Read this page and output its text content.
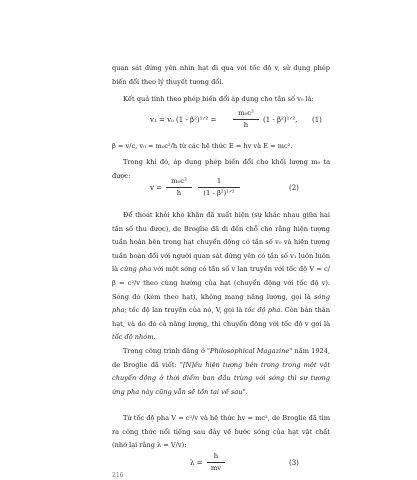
quan sát đứng yên nhìn hạt đi qua với tốc độ v, sử dụng phép biến đổi theo lý thuyết tương đối.

Kết quả tính theo phép biến đổi áp dụng cho tần số v₀ là:

v₁ = v₀ (1 - β²)¹ᐟ² =
m₀c²
h
(1 - β²)¹ᐟ², (1)

β = v/c, v₀ = m₀c²/h từ các hệ thức E = hv và E = mc².

Trong khi đó, áp dụng phép biến đổi cho khối lượng m₀ ta được:

v =
m₀c²
h
1
(1 - β²)¹ᐟ²
(2)

Để thoát khỏi khó khăn đã xuất hiện (sự khác nhau giữa hai tần số thu được), de Broglie đã đi đến chỗ cho rằng hiện tượng tuần hoàn bên trong hạt chuyển động có tần số v₀ và hiện tượng tuần hoàn đối với người quan sát đứng yên có tần số v₁ luôn luôn là cùng pha với một sóng có tần số v lan truyền với tốc độ V = c/β = c²/v theo cùng hướng của hạt (chuyển động với tốc độ v). Sóng đó (kèm theo hạt), không mang năng lượng, gọi là sóng pha; tốc độ lan truyền của nó, V, gọi là tốc độ pha. Còn bản thân hạt, và do đó cả năng lượng, thì chuyển động với tốc độ v gọi là tốc độ nhóm.

Trong công trình đăng ở "Philosophical Magazine" năm 1924, de Broglie đã viết: "[N]ếu hiện tượng bên trong trong một vật chuyển động ở thời điểm ban đầu trùng với sóng thì sự tương ứng pha này cũng vẫn sẽ tồn tại về sau".

Từ tốc độ pha V = c²/v và hệ thức hv = mc², de Broglie đã tìm ra công thức nổi tiếng sau đây về bước sóng của hạt vật chất (nhớ lại rằng λ = V/v):

λ =
h
mv
(3)
216
